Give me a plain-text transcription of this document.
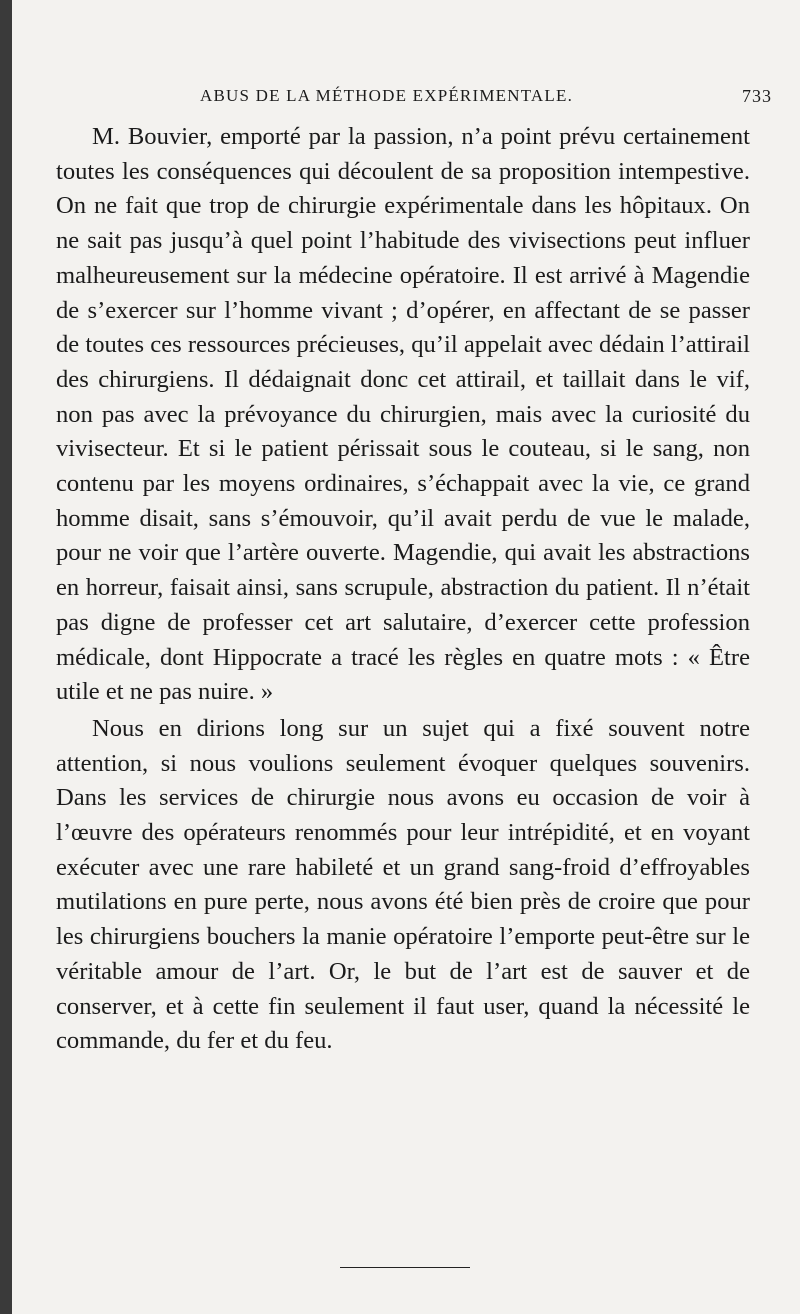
ABUS DE LA MÉTHODE EXPÉRIMENTALE.	733

M. Bouvier, emporté par la passion, n’a point prévu certainement toutes les conséquences qui découlent de sa proposition intempestive. On ne fait que trop de chirurgie expérimentale dans les hôpitaux. On ne sait pas jusqu’à quel point l’habitude des vivisections peut influer malheureusement sur la médecine opératoire. Il est arrivé à Magendie de s’exercer sur l’homme vivant ; d’opérer, en affectant de se passer de toutes ces ressources précieuses, qu’il appelait avec dédain l’attirail des chirurgiens. Il dédaignait donc cet attirail, et taillait dans le vif, non pas avec la prévoyance du chirurgien, mais avec la curiosité du vivisecteur. Et si le patient périssait sous le couteau, si le sang, non contenu par les moyens ordinaires, s’échappait avec la vie, ce grand homme disait, sans s’émouvoir, qu’il avait perdu de vue le malade, pour ne voir que l’artère ouverte. Magendie, qui avait les abstractions en horreur, faisait ainsi, sans scrupule, abstraction du patient. Il n’était pas digne de professer cet art salutaire, d’exercer cette profession médicale, dont Hippocrate a tracé les règles en quatre mots : « Être utile et ne pas nuire. »

Nous en dirions long sur un sujet qui a fixé souvent notre attention, si nous voulions seulement évoquer quelques souvenirs. Dans les services de chirurgie nous avons eu occasion de voir à l’œuvre des opérateurs renommés pour leur intrépidité, et en voyant exécuter avec une rare habileté et un grand sang-froid d’effroyables mutilations en pure perte, nous avons été bien près de croire que pour les chirurgiens bouchers la manie opératoire l’emporte peut-être sur le véritable amour de l’art. Or, le but de l’art est de sauver et de conserver, et à cette fin seulement il faut user, quand la nécessité le commande, du fer et du feu.
